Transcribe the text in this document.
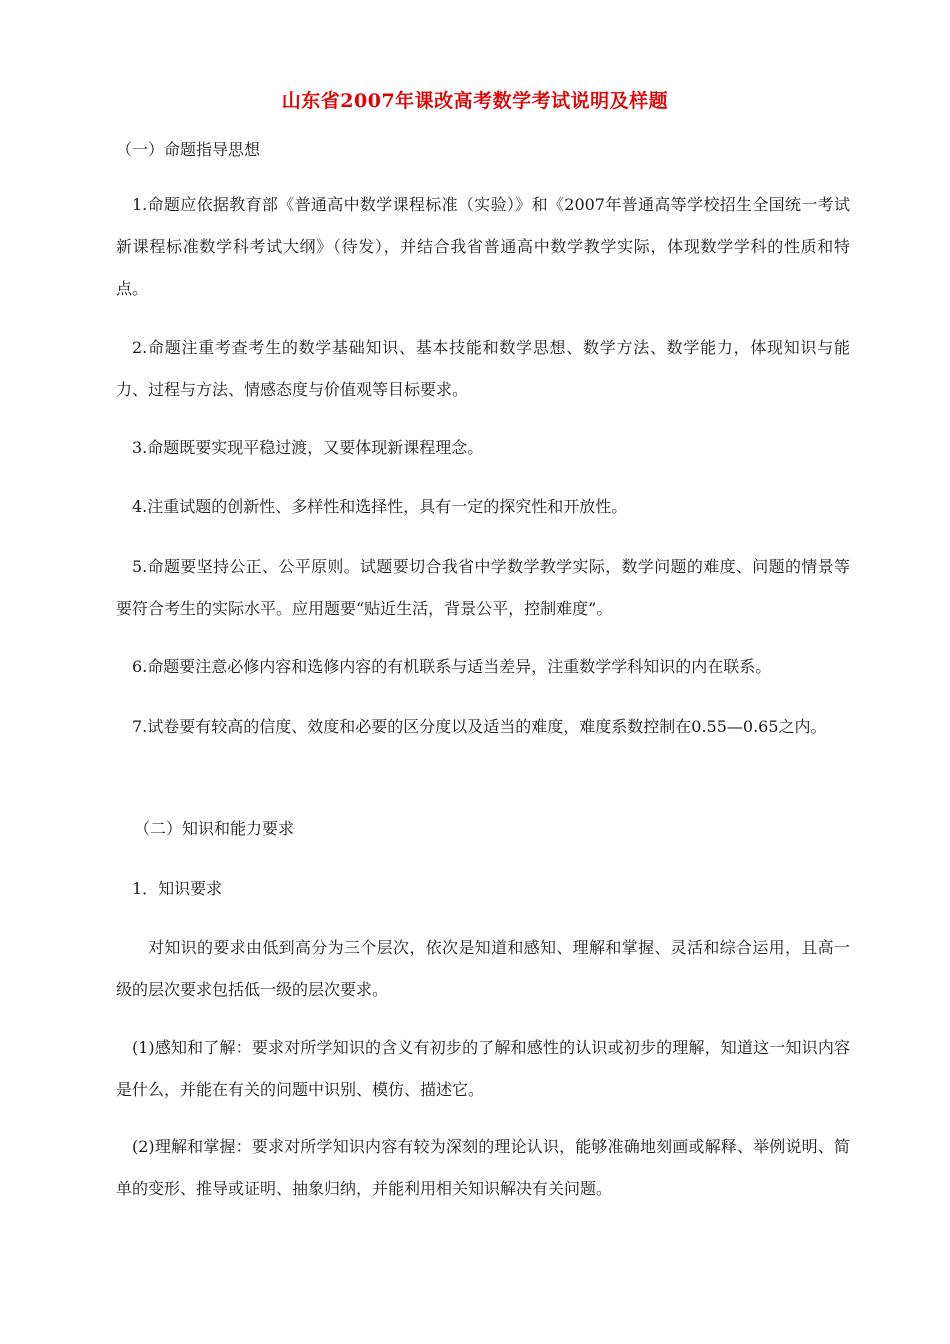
山东省2007年课改高考数学考试说明及样题
（一）命题指导思想
1.命题应依据教育部《普通高中数学课程标准（实验）》和《2007年普通高等学校招生全国统一考试新课程标准数学科考试大纲》（待发），并结合我省普通高中数学教学实际，体现数学学科的性质和特点。
2.命题注重考查考生的数学基础知识、基本技能和数学思想、数学方法、数学能力，体现知识与能力、过程与方法、情感态度与价值观等目标要求。
3.命题既要实现平稳过渡，又要体现新课程理念。
4.注重试题的创新性、多样性和选择性，具有一定的探究性和开放性。
5.命题要坚持公正、公平原则。试题要切合我省中学数学教学实际，数学问题的难度、问题的情景等要符合考生的实际水平。应用题要“贴近生活，背景公平，控制难度”。
6.命题要注意必修内容和选修内容的有机联系与适当差异，注重数学学科知识的内在联系。
7.试卷要有较高的信度、效度和必要的区分度以及适当的难度，难度系数控制在0.55—0.65之内。
（二）知识和能力要求
1．知识要求
对知识的要求由低到高分为三个层次，依次是知道和感知、理解和掌握、灵活和综合运用，且高一级的层次要求包括低一级的层次要求。
(1)感知和了解：要求对所学知识的含义有初步的了解和感性的认识或初步的理解，知道这一知识内容是什么，并能在有关的问题中识别、模仿、描述它。
(2)理解和掌握：要求对所学知识内容有较为深刻的理论认识，能够准确地刻画或解释、举例说明、简单的变形、推导或证明、抽象归纳，并能利用相关知识解决有关问题。
